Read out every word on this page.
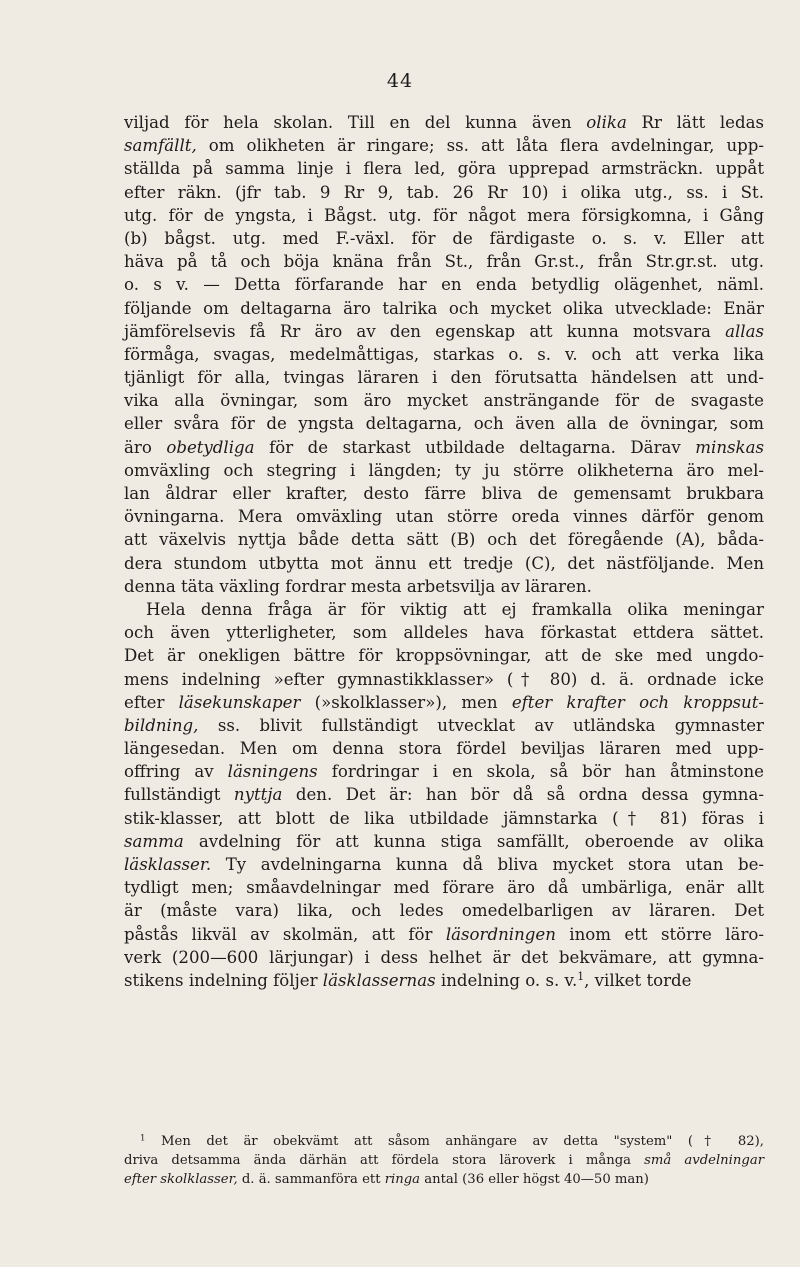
44
viljad för hela skolan. Till en del kunna även olika Rr lätt ledas
samfällt, om olikheten är ringare; ss. att låta flera avdelningar, upp-
ställda på samma linje i flera led, göra upprepad armsträckn. uppåt
efter räkn. (jfr tab. 9 Rr 9, tab. 26 Rr 10) i olika utg., ss. i St.
utg. för de yngsta, i Bågst. utg. för något mera försigkomna, i Gång
(b) bågst. utg. med F.-växl. för de färdigaste o. s. v. Eller att
häva på tå och böja knäna från St., från Gr.st., från Str.gr.st. utg.
o. s v. — Detta förfarande har en enda betydlig olägenhet, näml.
följande om deltagarna äro talrika och mycket olika utvecklade: Enär
jämförelsevis få Rr äro av den egenskap att kunna motsvara allas
förmåga, svagas, medelmåttigas, starkas o. s. v. och att verka lika
tjänligt för alla, tvingas läraren i den förutsatta händelsen att und-
vika alla övningar, som äro mycket ansträngande för de svagaste
eller svåra för de yngsta deltagarna, och även alla de övningar, som
äro obetydliga för de starkast utbildade deltagarna. Därav minskas
omväxling och stegring i längden; ty ju större olikheterna äro mel-
lan åldrar eller krafter, desto färre bliva de gemensamt brukbara
övningarna. Mera omväxling utan större oreda vinnes därför genom
att växelvis nyttja både detta sätt (B) och det föregående (A), båda-
dera stundom utbytta mot ännu ett tredje (C), det nästföljande. Men
denna täta växling fordrar mesta arbetsvilja av läraren.
Hela denna fråga är för viktig att ej framkalla olika meningar
och även ytterligheter, som alldeles hava förkastat ettdera sättet.
Det är onekligen bättre för kroppsövningar, att de ske med ungdo-
mens indelning »efter gymnastikklasser» († 80) d. ä. ordnade icke
efter läsekunskaper (»skolklasser»), men efter krafter och kroppsut-
bildning, ss. blivit fullständigt utvecklat av utländska gymnaster
längesedan. Men om denna stora fördel beviljas läraren med upp-
offring av läsningens fordringar i en skola, så bör han åtminstone
fullständigt nyttja den. Det är: han bör då så ordna dessa gymna-
stik-klasser, att blott de lika utbildade jämnstarka († 81) föras i
samma avdelning för att kunna stiga samfällt, oberoende av olika
läsklasser. Ty avdelningarna kunna då bliva mycket stora utan be-
tydligt men; småavdelningar med förare äro då umbärliga, enär allt
är (måste vara) lika, och ledes omedelbarligen av läraren. Det
påstås likväl av skolmän, att för läsordningen inom ett större läro-
verk (200—600 lärjungar) i dess helhet är det bekvämare, att gymna-
stikens indelning följer läsklassernas indelning o. s. v.$^1$, vilket torde
$^1$ Men det är obekvämt att såsom anhängare av detta "system" († 82),
driva detsamma ända därhän att fördela stora läroverk i många små avdelningar
efter skolklasser, d. ä. sammanföra ett ringa antal (36 eller högst 40—50 man)
